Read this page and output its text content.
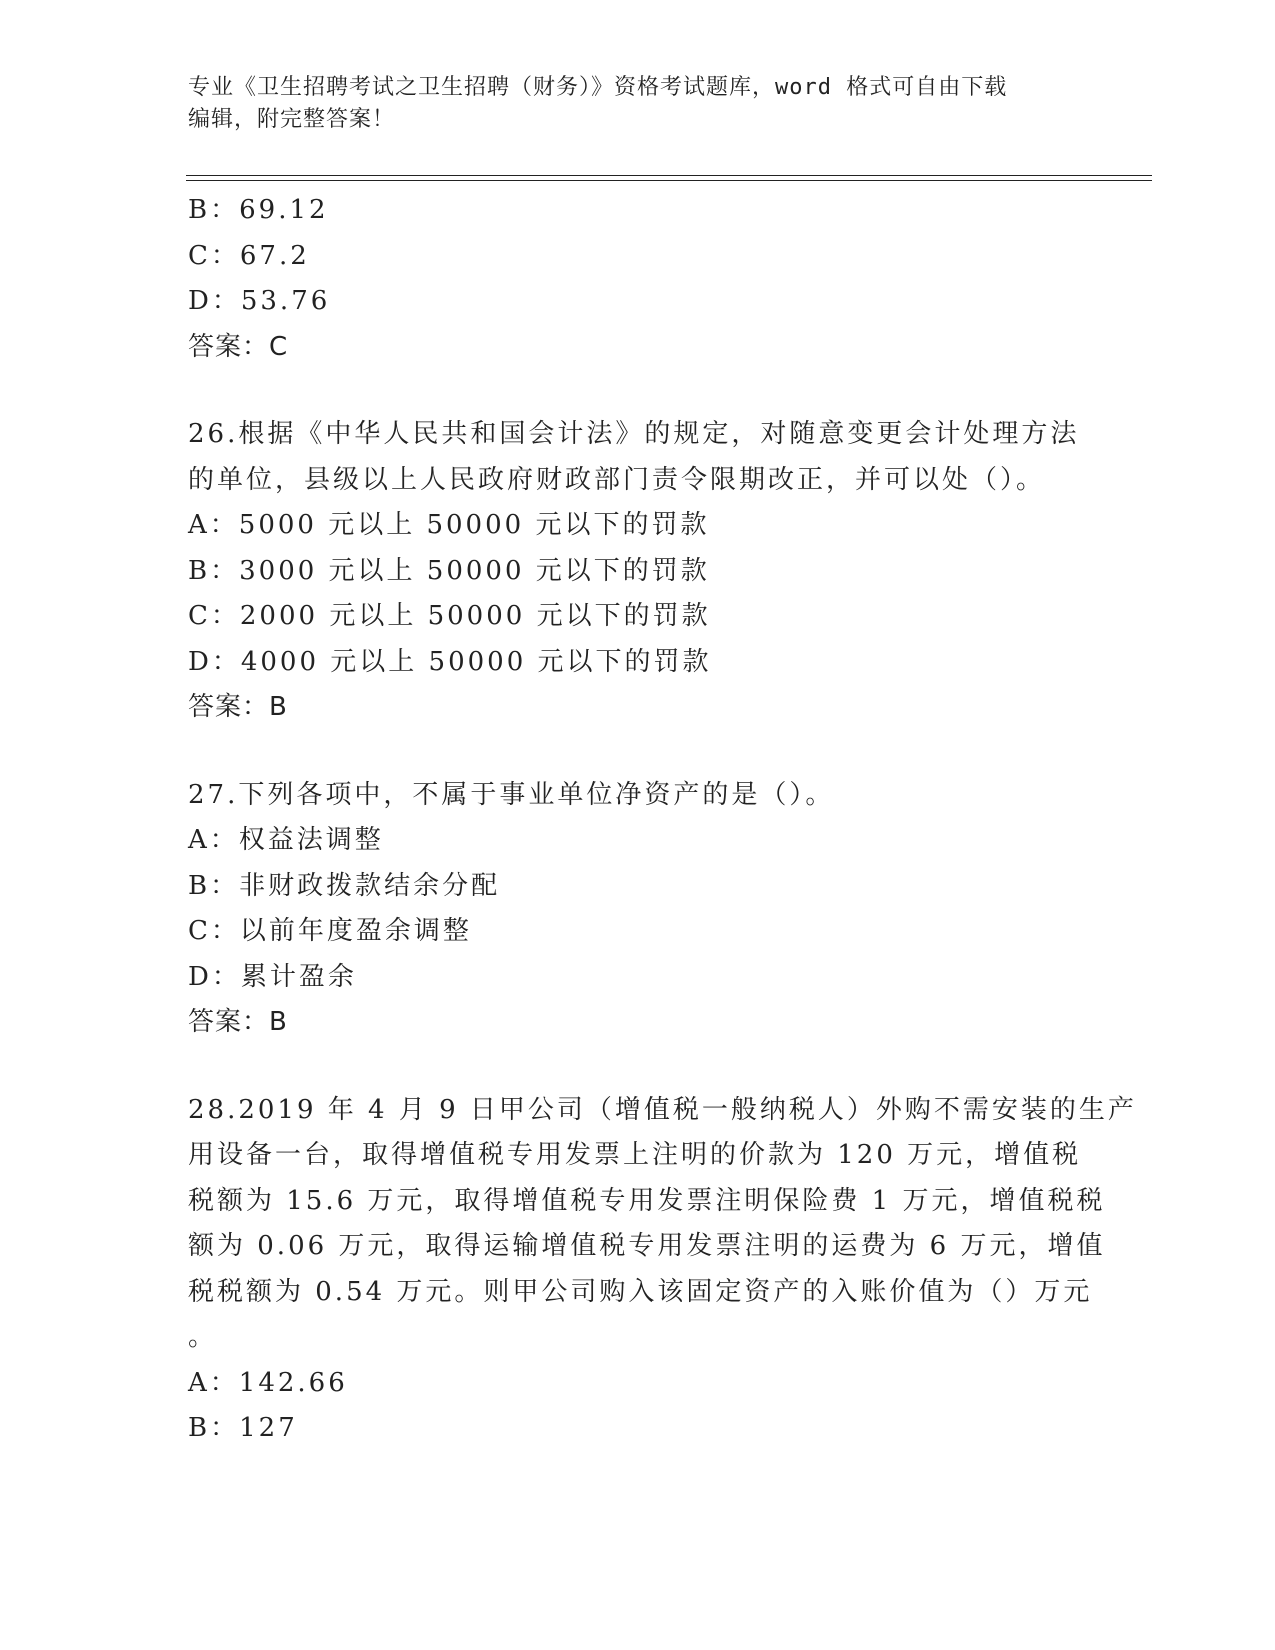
专业《卫生招聘考试之卫生招聘（财务）》资格考试题库，word 格式可自由下载

编辑，附完整答案！

B：69.12

C：67.2

D：53.76

答案：C

26.根据《中华人民共和国会计法》的规定，对随意变更会计处理方法

的单位，县级以上人民政府财政部门责令限期改正，并可以处（）。

A：5000 元以上 50000 元以下的罚款

B：3000 元以上 50000 元以下的罚款

C：2000 元以上 50000 元以下的罚款

D：4000 元以上 50000 元以下的罚款

答案：B

27.下列各项中，不属于事业单位净资产的是（）。

A：权益法调整

B：非财政拨款结余分配

C：以前年度盈余调整

D：累计盈余

答案：B

28.2019 年 4 月 9 日甲公司（增值税一般纳税人）外购不需安装的生产

用设备一台，取得增值税专用发票上注明的价款为 120 万元，增值税

税额为 15.6 万元，取得增值税专用发票注明保险费 1 万元，增值税税

额为 0.06 万元，取得运输增值税专用发票注明的运费为 6 万元，增值

税税额为 0.54 万元。则甲公司购入该固定资产的入账价值为（）万元

。

A：142.66

B：127
